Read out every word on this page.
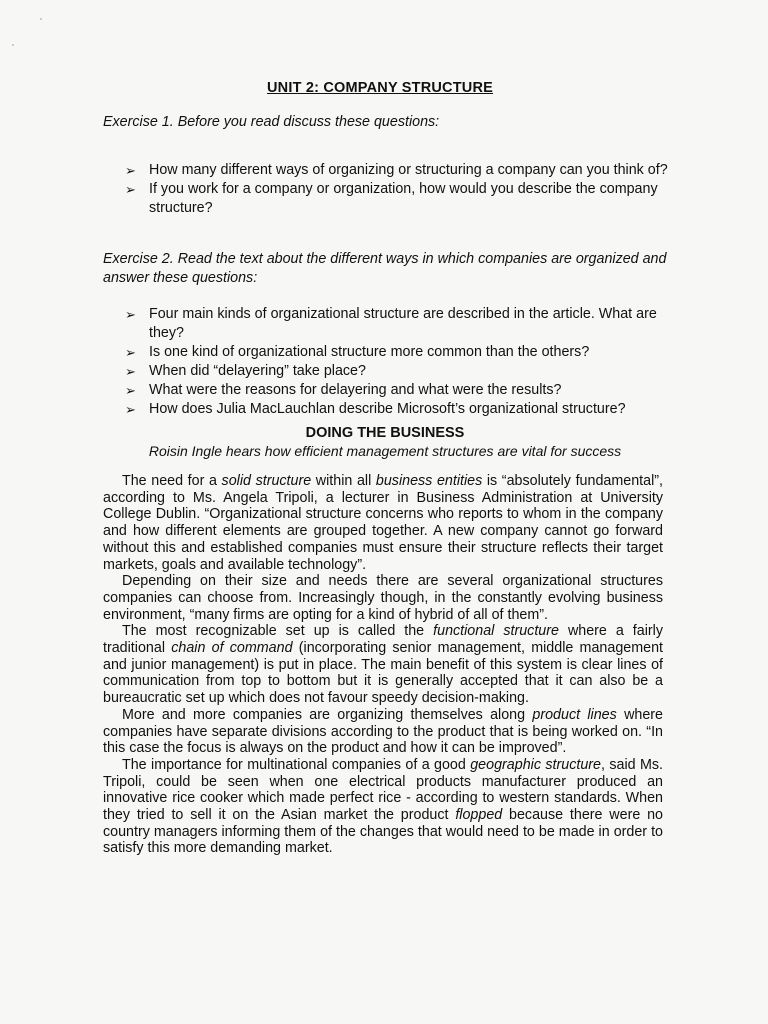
UNIT 2: COMPANY STRUCTURE
Exercise 1. Before you read discuss these questions:
➢ How many different ways of organizing or structuring a company can you think of?
➢ If you work for a company or organization, how would you describe the company structure?
Exercise 2. Read the text about the different ways in which companies are organized and answer these questions:
➢ Four main kinds of organizational structure are described in the article. What are they?
➢ Is one kind of organizational structure more common than the others?
➢ When did “delayering” take place?
➢ What were the reasons for delayering and what were the results?
➢ How does Julia MacLauchlan describe Microsoft’s organizational structure?
DOING THE BUSINESS
Roisin Ingle hears how efficient management structures are vital for success

The need for a solid structure within all business entities is “absolutely fundamental”, according to Ms. Angela Tripoli, a lecturer in Business Administration at University College Dublin. “Organizational structure concerns who reports to whom in the company and how different elements are grouped together. A new company cannot go forward without this and established companies must ensure their structure reflects their target markets, goals and available technology”.

Depending on their size and needs there are several organizational structures companies can choose from. Increasingly though, in the constantly evolving business environment, “many firms are opting for a kind of hybrid of all of them”.

The most recognizable set up is called the functional structure where a fairly traditional chain of command (incorporating senior management, middle management and junior management) is put in place. The main benefit of this system is clear lines of communication from top to bottom but it is generally accepted that it can also be a bureaucratic set up which does not favour speedy decision-making.

More and more companies are organizing themselves along product lines where companies have separate divisions according to the product that is being worked on. “In this case the focus is always on the product and how it can be improved”.

The importance for multinational companies of a good geographic structure, said Ms. Tripoli, could be seen when one electrical products manufacturer produced an innovative rice cooker which made perfect rice - according to western standards. When they tried to sell it on the Asian market the product flopped because there were no country managers informing them of the changes that would need to be made in order to satisfy this more demanding market.
